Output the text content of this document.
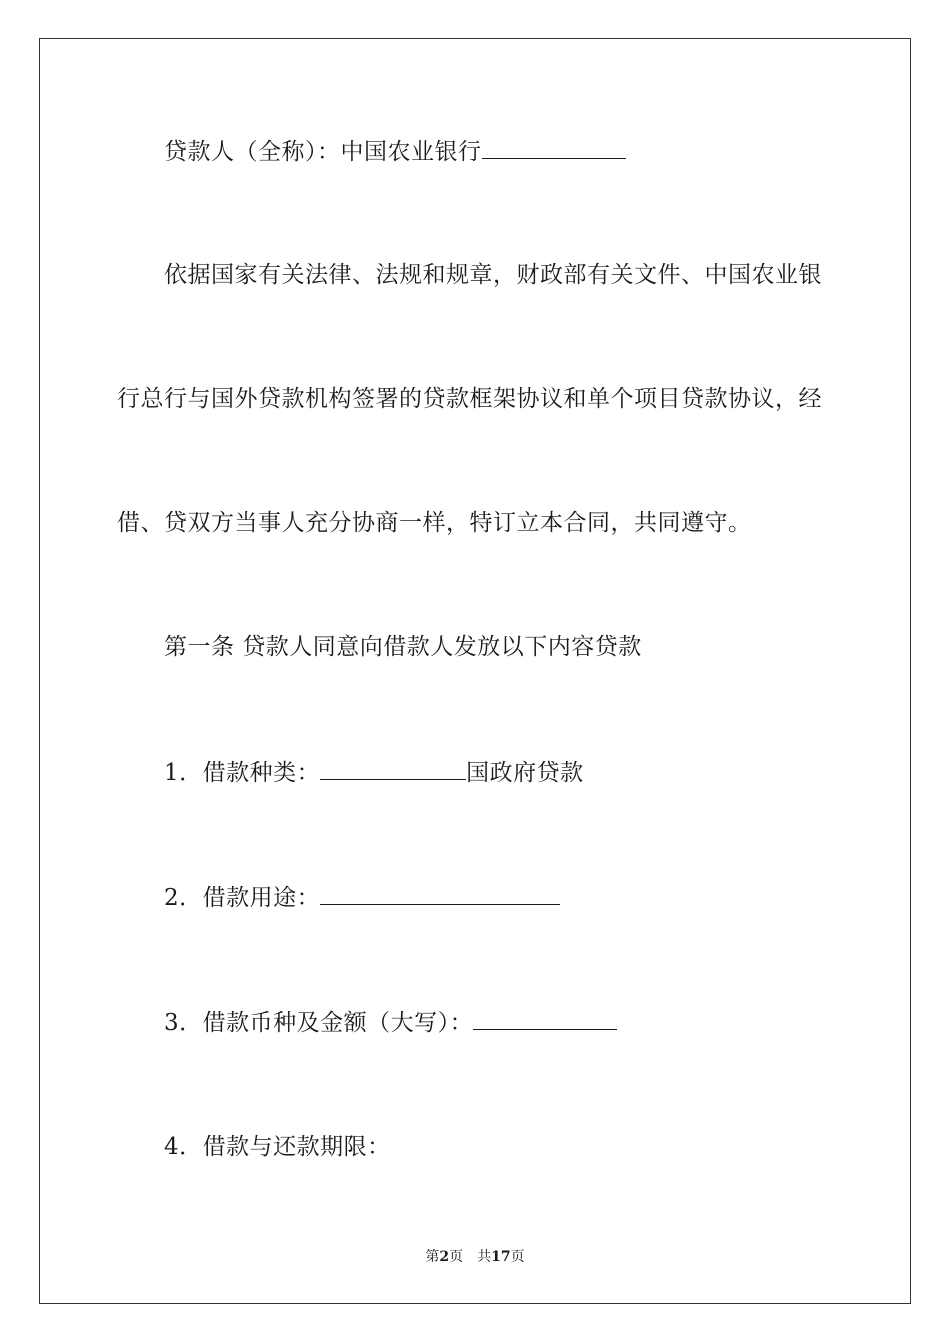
贷款人（全称）：中国农业银行
依据国家有关法律、法规和规章，财政部有关文件、中国农业银
行总行与国外贷款机构签署的贷款框架协议和单个项目贷款协议，经
借、贷双方当事人充分协商一样，特订立本合同，共同遵守。
第一条 贷款人同意向借款人发放以下内容贷款
1．借款种类：	国政府贷款
2．借款用途：
3．借款币种及金额（大写）：
4．借款与还款期限：
第2页　共17页
